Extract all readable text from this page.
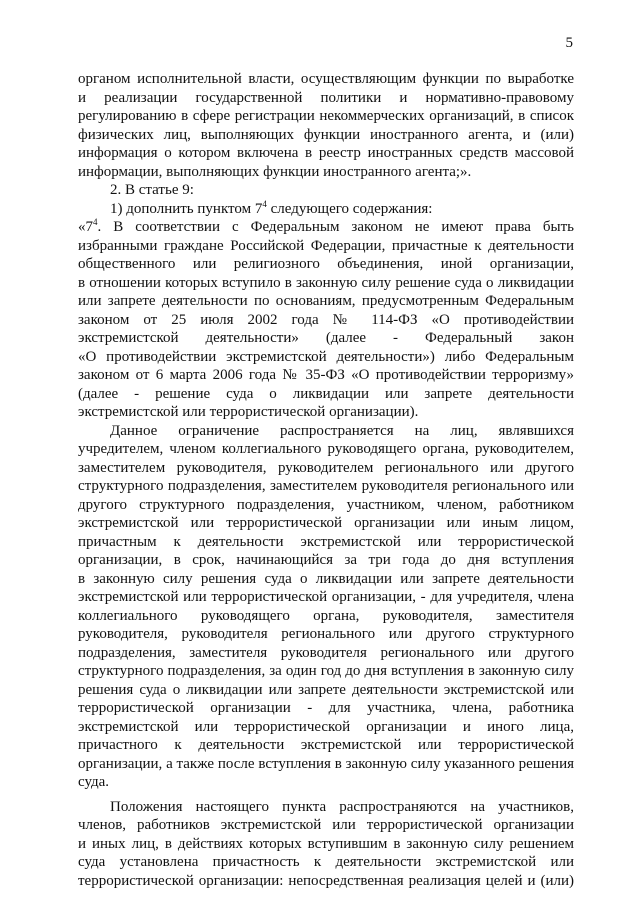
5
органом исполнительной власти, осуществляющим функции по выработке
и реализации государственной политики и нормативно-правовому
регулированию в сфере регистрации некоммерческих организаций, в список
физических лиц, выполняющих функции иностранного агента, и (или)
информация о котором включена в реестр иностранных средств массовой
информации, выполняющих функции иностранного агента;».
2. В статье 9:
1) дополнить пунктом $7^4$ следующего содержания:
«$7^4$. В соответствии с Федеральным законом не имеют права быть
избранными граждане Российской Федерации, причастные к деятельности
общественного или религиозного объединения, иной организации,
в отношении которых вступило в законную силу решение суда о ликвидации
или запрете деятельности по основаниям, предусмотренным Федеральным
законом от 25 июля 2002 года № 114-ФЗ «О противодействии
экстремистской деятельности» (далее - Федеральный закон
«О противодействии экстремистской деятельности») либо Федеральным
законом от 6 марта 2006 года № 35-ФЗ «О противодействии терроризму»
(далее - решение суда о ликвидации или запрете деятельности
экстремистской или террористической организации).
Данное ограничение распространяется на лиц, являвшихся
учредителем, членом коллегиального руководящего органа, руководителем,
заместителем руководителя, руководителем регионального или другого
структурного подразделения, заместителем руководителя регионального или
другого структурного подразделения, участником, членом, работником
экстремистской или террористической организации или иным лицом,
причастным к деятельности экстремистской или террористической
организации, в срок, начинающийся за три года до дня вступления
в законную силу решения суда о ликвидации или запрете деятельности
экстремистской или террористической организации, - для учредителя, члена
коллегиального руководящего органа, руководителя, заместителя
руководителя, руководителя регионального или другого структурного
подразделения, заместителя руководителя регионального или другого
структурного подразделения, за один год до дня вступления в законную силу
решения суда о ликвидации или запрете деятельности экстремистской или
террористической организации - для участника, члена, работника
экстремистской или террористической организации и иного лица,
причастного к деятельности экстремистской или террористической
организации, а также после вступления в законную силу указанного решения
суда.
Положения настоящего пункта распространяются на участников,
членов, работников экстремистской или террористической организации
и иных лиц, в действиях которых вступившим в законную силу решением
суда установлена причастность к деятельности экстремистской или
террористической организации: непосредственная реализация целей и (или)
